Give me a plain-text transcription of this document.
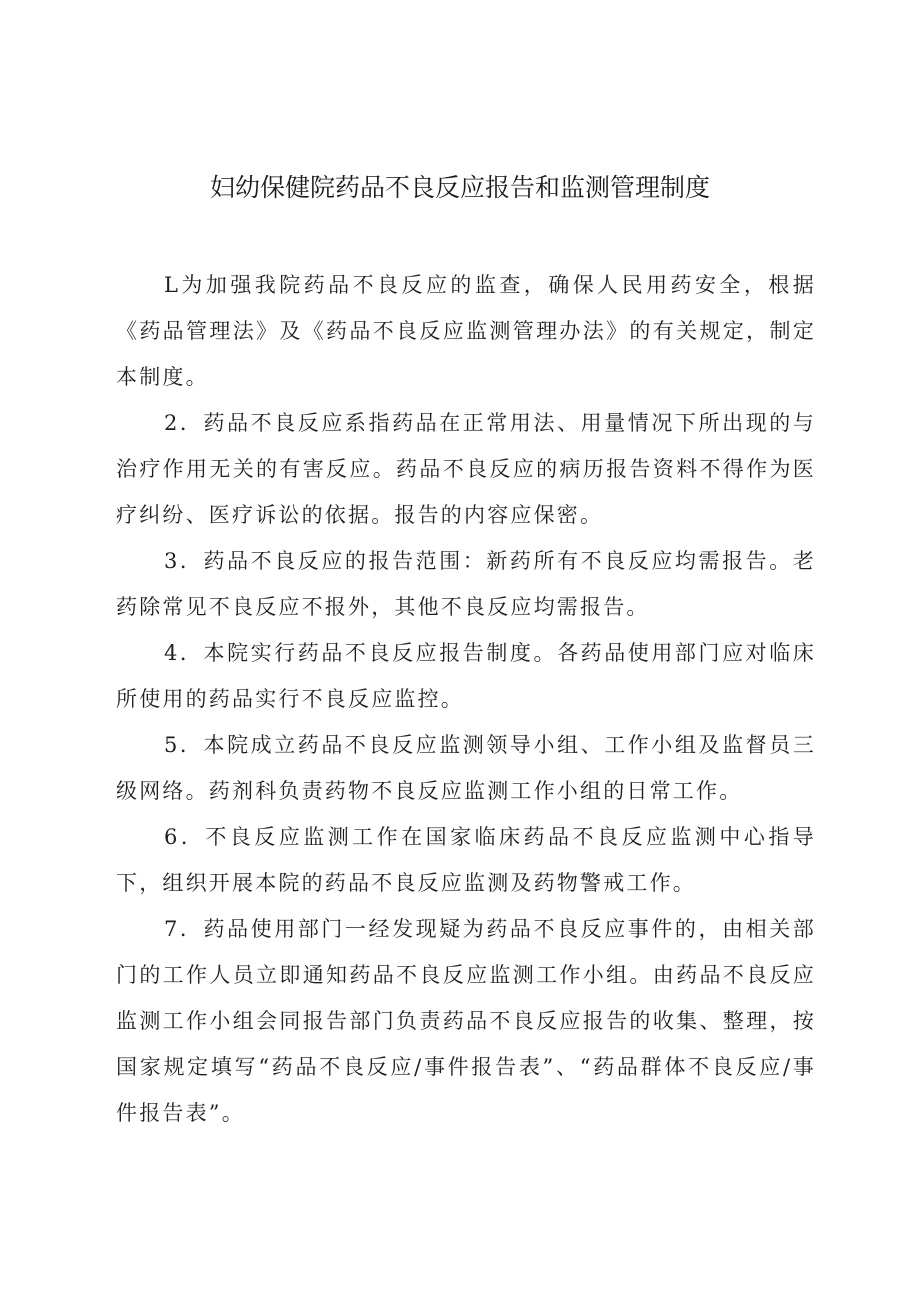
妇幼保健院药品不良反应报告和监测管理制度

L为加强我院药品不良反应的监查，确保人民用药安全，根据《药品管理法》及《药品不良反应监测管理办法》的有关规定，制定本制度。

2．药品不良反应系指药品在正常用法、用量情况下所出现的与治疗作用无关的有害反应。药品不良反应的病历报告资料不得作为医疗纠纷、医疗诉讼的依据。报告的内容应保密。

3．药品不良反应的报告范围：新药所有不良反应均需报告。老药除常见不良反应不报外，其他不良反应均需报告。

4．本院实行药品不良反应报告制度。各药品使用部门应对临床所使用的药品实行不良反应监控。

5．本院成立药品不良反应监测领导小组、工作小组及监督员三级网络。药剂科负责药物不良反应监测工作小组的日常工作。

6．不良反应监测工作在国家临床药品不良反应监测中心指导下，组织开展本院的药品不良反应监测及药物警戒工作。

7．药品使用部门一经发现疑为药品不良反应事件的，由相关部门的工作人员立即通知药品不良反应监测工作小组。由药品不良反应监测工作小组会同报告部门负责药品不良反应报告的收集、整理，按国家规定填写“药品不良反应/事件报告表”、“药品群体不良反应/事件报告表”。
